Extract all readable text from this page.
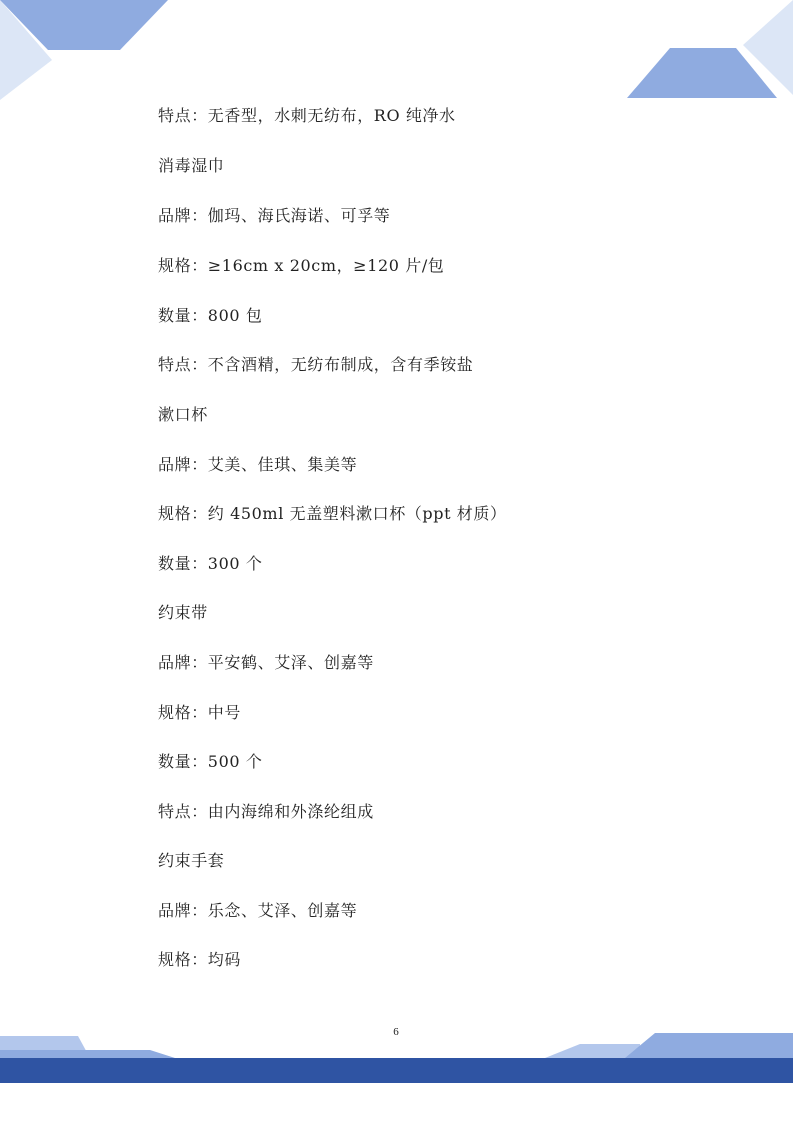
特点：无香型，水刺无纺布，RO 纯净水
消毒湿巾
品牌：伽玛、海氏海诺、可孚等
规格：≥16cm x 20cm，≥120 片/包
数量：800 包
特点：不含酒精，无纺布制成，含有季铵盐
漱口杯
品牌：艾美、佳琪、集美等
规格：约 450ml 无盖塑料漱口杯（ppt 材质）
数量：300 个
约束带
品牌：平安鹤、艾泽、创嘉等
规格：中号
数量：500 个
特点：由内海绵和外涤纶组成
约束手套
品牌：乐念、艾泽、创嘉等
规格：均码
6
